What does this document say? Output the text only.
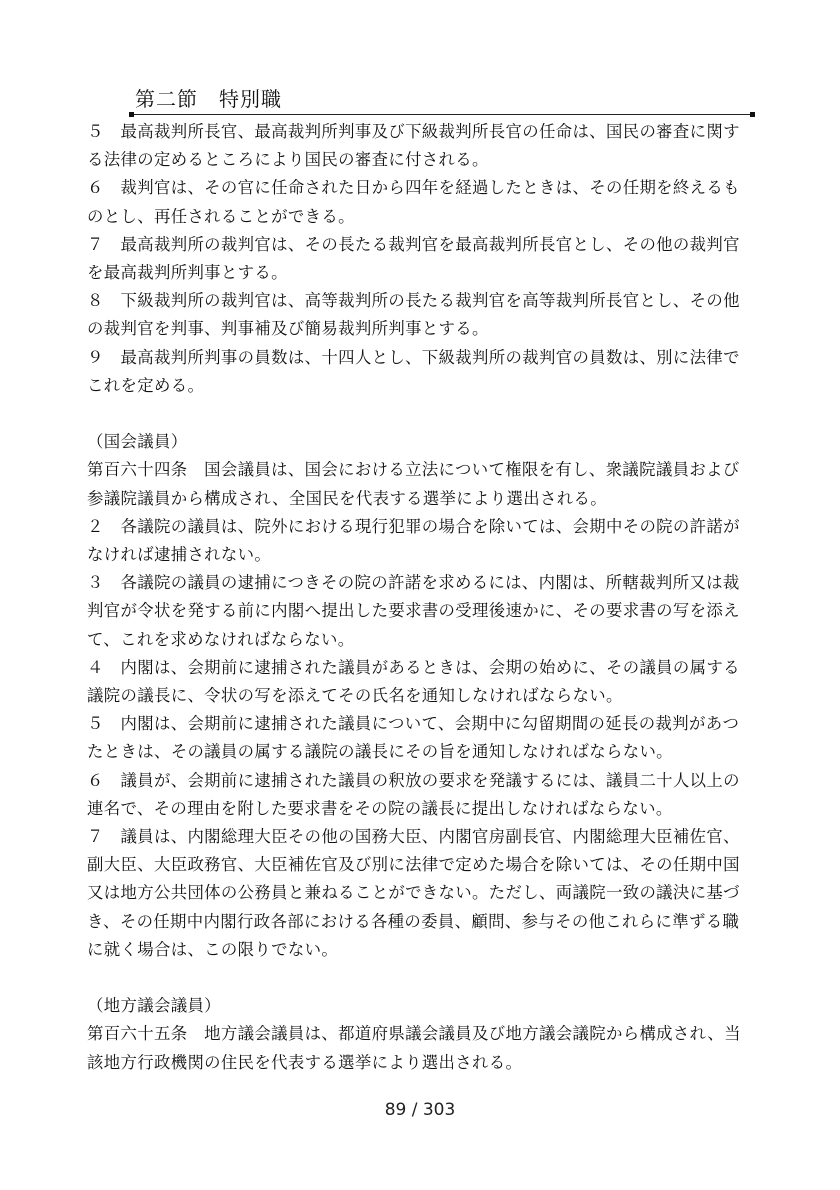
第二節　特別職

５　最高裁判所長官、最高裁判所判事及び下級裁判所長官の任命は、国民の審査に関する法律の定めるところにより国民の審査に付される。

６　裁判官は、その官に任命された日から四年を経過したときは、その任期を終えるものとし、再任されることができる。

７　最高裁判所の裁判官は、その長たる裁判官を最高裁判所長官とし、その他の裁判官を最高裁判所判事とする。

８　下級裁判所の裁判官は、高等裁判所の長たる裁判官を高等裁判所長官とし、その他の裁判官を判事、判事補及び簡易裁判所判事とする。

９　最高裁判所判事の員数は、十四人とし、下級裁判所の裁判官の員数は、別に法律でこれを定める。

（国会議員）

第百六十四条　国会議員は、国会における立法について権限を有し、衆議院議員および参議院議員から構成され、全国民を代表する選挙により選出される。

２　各議院の議員は、院外における現行犯罪の場合を除いては、会期中その院の許諾がなければ逮捕されない。

３　各議院の議員の逮捕につきその院の許諾を求めるには、内閣は、所轄裁判所又は裁判官が令状を発する前に内閣へ提出した要求書の受理後速かに、その要求書の写を添えて、これを求めなければならない。

４　内閣は、会期前に逮捕された議員があるときは、会期の始めに、その議員の属する議院の議長に、令状の写を添えてその氏名を通知しなければならない。

５　内閣は、会期前に逮捕された議員について、会期中に勾留期間の延長の裁判があつたときは、その議員の属する議院の議長にその旨を通知しなければならない。

６　議員が、会期前に逮捕された議員の釈放の要求を発議するには、議員二十人以上の連名で、その理由を附した要求書をその院の議長に提出しなければならない。

７　議員は、内閣総理大臣その他の国務大臣、内閣官房副長官、内閣総理大臣補佐官、副大臣、大臣政務官、大臣補佐官及び別に法律で定めた場合を除いては、その任期中国又は地方公共団体の公務員と兼ねることができない。ただし、両議院一致の議決に基づき、その任期中内閣行政各部における各種の委員、顧問、参与その他これらに準ずる職に就く場合は、この限りでない。

（地方議会議員）

第百六十五条　地方議会議員は、都道府県議会議員及び地方議会議院から構成され、当該地方行政機関の住民を代表する選挙により選出される。

89 / 303
